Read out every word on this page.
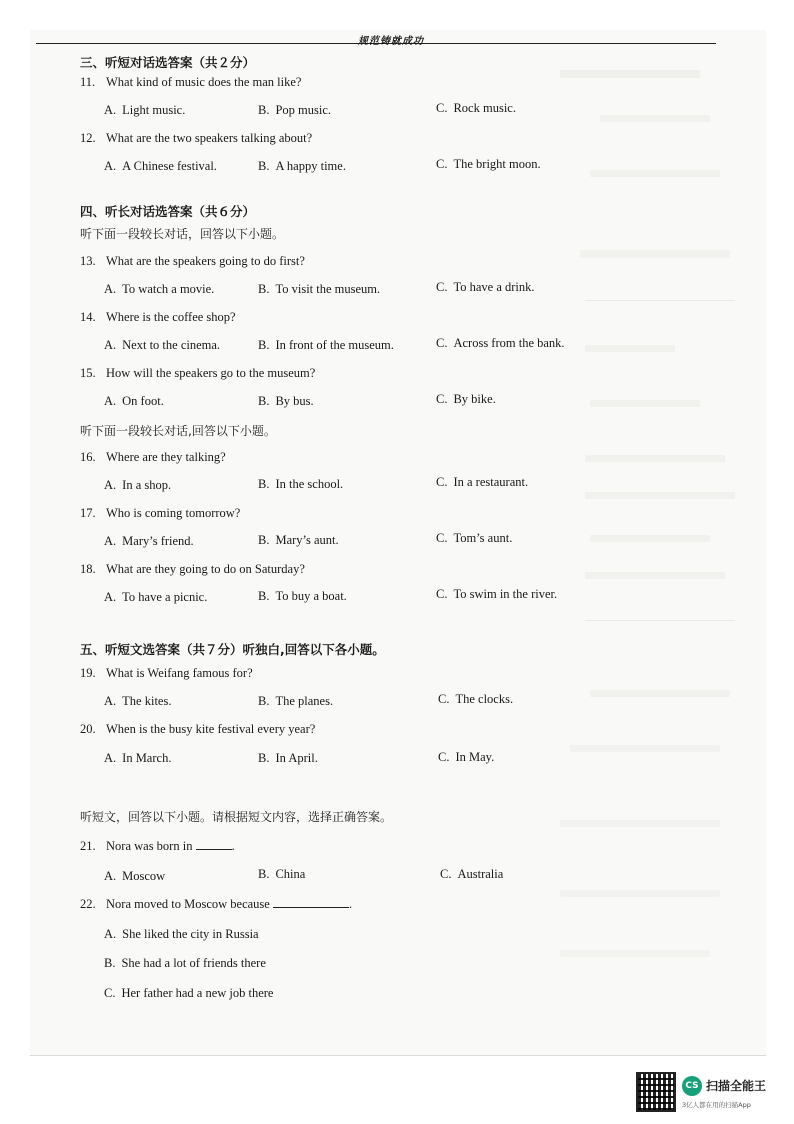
规范铸就成功
三、听短对话选答案（共２分）
11. What kind of music does the man like?
A. Light music.	B. Pop music.	C. Rock music.
12. What are the two speakers talking about?
A. A Chinese festival.	B. A happy time.	C. The bright moon.
四、听长对话选答案（共６分）
听下面一段较长对话，回答以下小题。
13. What are the speakers going to do first?
A. To watch a movie.	B. To visit the museum.	C. To have a drink.
14. Where is the coffee shop?
A. Next to the cinema.	B. In front of the museum.	C. Across from the bank.
15. How will the speakers go to the museum?
A. On foot.	B. By bus.	C. By bike.
听下面一段较长对话,回答以下小题。
16. Where are they talking?
A. In a shop.	B. In the school.	C. In a restaurant.
17. Who is coming tomorrow?
A. Mary’s friend.	B. Mary’s aunt.	C. Tom’s aunt.
18. What are they going to do on Saturday?
A. To have a picnic.	B. To buy a boat.	C. To swim in the river.
五、听短文选答案（共７分）听独白,回答以下各小题。
19. What is Weifang famous for?
A. The kites.	B. The planes.	C. The clocks.
20. When is the busy kite festival every year?
A. In March.	B. In April.	C. In May.
听短文，回答以下小题。请根据短文内容，选择正确答案。
21. Nora was born in	.
A. Moscow	B. China	C. Australia
22. Nora moved to Moscow because	.
A. She liked the city in Russia
B. She had a lot of friends there
C. Her father had a new job there
CS 扫描全能王
3亿人都在用的扫描App
